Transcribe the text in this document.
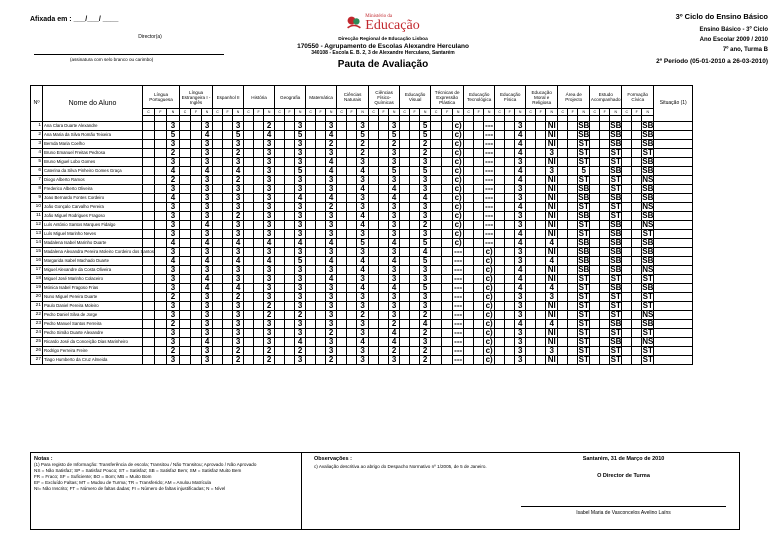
Afixada em : ___/___/ ____
Director(a)
(assinatura com selo branco ou carimbo)
Ministério da
Educação
Direcção Regional de Educação Lisboa
170550 - Agrupamento de Escolas Alexandre Herculano
340108 - Escola E. B. 2, 3 de Alexandre Herculano, Santarém
Pauta de Avaliação
3º Ciclo do Ensino Básico
Ensino Básico - 3º Ciclo
Ano Escolar 2009 / 2010
7º ano, Turma B
2º Período (05-01-2010 a 26-03-2010)
Nº	Nome do Aluno	Língua Portuguesa			Língua Estrangeira I - Inglês			Espanhol II			História			Geografia			Matemática			Ciências Naturais			Ciências Físico-Químicas			Educação Visual			Técnicas de Expressão Plástica			Educação Tecnológica			Educação Física			Educação Moral e Religiosa			Área de Projecto			Estudo Acompanhado			Formação Cívica			Situação (1)
		C	F	N	C	F	N	C	F	N	C	F	N	C	F	N	C	F	N	C	F	N	C	F	N	C	F	N	C	F	N	C	F	N	C	F	N	C	F	N	C	F	N	C	F	N	C	F	N	

1	Ana Clara Duarte Alexandre			3			3			3			2			3			3			3			3			5			c)			---			3			NI			SB			SB			SB	
2	Ana Maria da Silva Romão Teixeira			5			4			5			4			5			4			5			5			5			c)			---			4			NI			SB			SB			SB	
3	Bernda Maria Coelho			3			3			3			3			3			2			2			2			2			c)			---			4			NI			ST			SB			SB	
4	Bruno Emanuel Freitas Pedrosa			2			3			2			3			3			3			2			3			2			c)			---			4			3			ST			ST			ST	
5	Bruno Miguel Lobo Gomes			3			3			3			3			3			4			3			3			3			c)			---			3			NI			ST			ST			SB	
6	Caterina da Silva Pinheiro Gomes Graça			4			4			4			3			5			4			4			5			5			c)			---			4			3			5			SB			SB	
7	Diogo Alberto Ramos			2			3			2			3			3			3			3			3			3			c)			---			4			NI			ST			ST			NS	
8	Frederico Alberto Oliveira			3			3			3			3			3			3			4			4			3			c)			---			3			NI			SB			ST			SB	
9	Joao Bernardo Fontes Cordeiro			4			3			3			3			4			4			3			4			4			c)			---			3			NI			SB			SB			SB	
10	João Gonçalo Carvalho Pereira			3			3			3			3			3			2			3			3			3			c)			---			4			NI			ST			ST			NS	
11	João Miguel Rodrigues Fragoso			3			3			2			3			3			3			4			3			3			c)			---			3			NI			SB			ST			SB	
12	Luís António Santos Marques Fidalgo			3			4			3			3			3			3			4			3			2			c)			---			3			NI			ST			SB			NS	
13	Luís Miguel Marinho Neves			3			3			3			3			3			3			3			3			3			c)			---			4			NI			ST			SB			ST	
14	Madalena Isabel Marinho Duarte			4			4			4			4			4			4			5			4			5			c)			---			4			4			SB			SB			SB	
15	Madalena Alexandra Pereira Moleiro Cordeiro dos Santos			3			3			3			3			3			3			3			3			4			---			c)			3			NI			SB			SB			SB	
16	Margarida Isabel Machado Duarte			4			4			4			4			5			4			4			4			5			---			c)			3			4			SB			SB			SB	
17	Miguel Alexandre da Costa Oliveira			3			3			3			3			3			3			4			3			3			---			c)			4			NI			SB			SB			NS	
18	Miguel José Marinho Colaceiro			3			4			3			3			3			4			3			3			3			---			c)			4			NI			ST			ST			ST	
19	Mónica Isabel Fragoso Frias			3			4			4			3			3			3			4			4			5			---			c)			4			4			ST			SB			SB	
20	Nuno Miguel Pereira Duarte			2			3			2			3			3			3			3			3			3			---			c)			3			3			ST			ST			ST	
21	Paulo Daniel Pereira Moleiro			3			3			3			2			3			3			3			3			3			---			c)			3			NI			ST			ST			ST	
22	Pedro Daniel Silva de Jorge			3			3			3			2			2			3			2			3			2			---			c)			3			NI			ST			ST			NS	
23	Pedro Manuel Santos Ferreira			2			3			3			3			3			3			3			2			4			---			c)			4			4			ST			SB			SB	
24	Pedro Simão Duarte Alexandre			3			3			3			3			3			2			3			4			2			---			c)			3			NI			ST			ST			ST	
25	Ricardo José da Conceição Dias Marinheiro			3			4			3			3			4			3			4			4			3			---			c)			3			NI			ST			SB			NS	
26	Rodrigo Ferreira Freire			2			3			2			2			2			3			3			2			2			---			c)			3			3			ST			ST			ST	
27	Tiago Humberto da Cruz Almeida			3			3			2			2			3			2			3			3			2			---			c)			3			NI			ST			ST			ST	
Notas :
(1) Para registo de Informação: Transferência de escola; Transitou / Não Transitou; Aprovado / Não Aprovado
NS = Não Satisfaz; SP = Satisfaz Pouco; ST = Satisfaz; SB = Satisfaz Bem; SM = Satisfaz Muito Bem
FR = Fraco; SF = Suficiente; BO = Bom; MB = Muito Bom
EF = Excluído Faltas; MT = Mudou de Turma; TR = Transferido; AM = Anulou Matrícula
NI= Não Inscrito; FT = Número de faltas dadas; FI = Número de faltas injustificadas; N = Nível
Observações :
c) Avaliação descritiva ao abrigo do Despacho Normativo nº 1/2005, de 5 de Janeiro.
Santarém, 31 de Março de 2010
O Director de Turma
Isabel Maria de Vasconcelos Avelino Laíns
